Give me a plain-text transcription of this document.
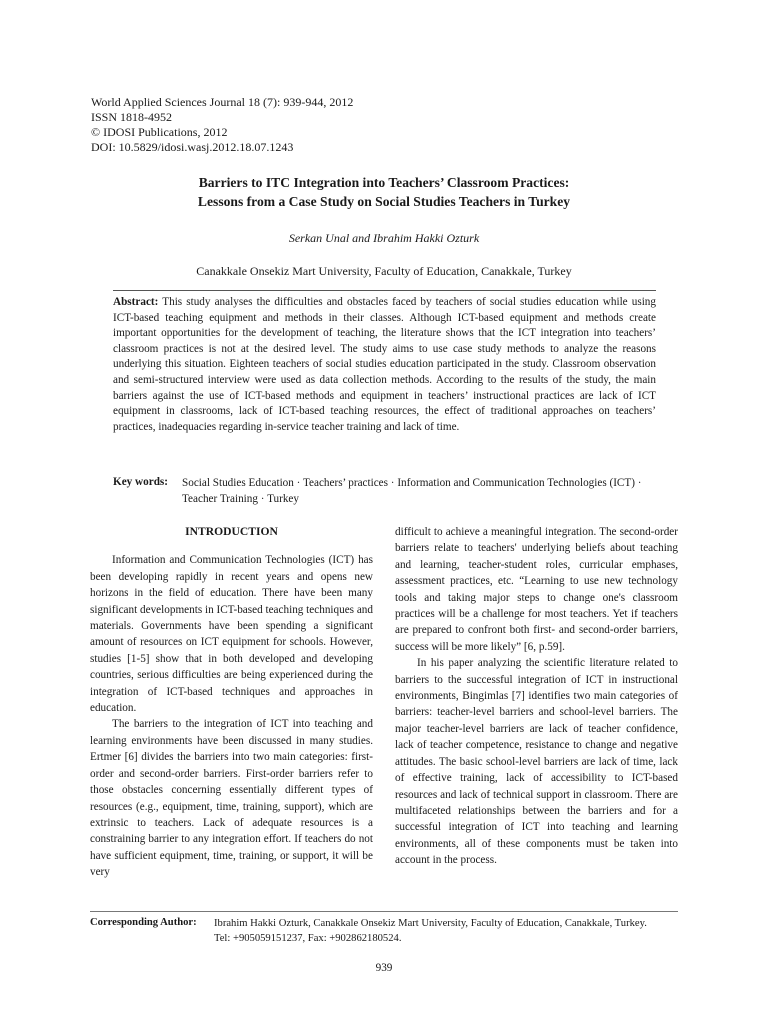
World Applied Sciences Journal 18 (7): 939-944, 2012
ISSN 1818-4952
© IDOSI Publications, 2012
DOI: 10.5829/idosi.wasj.2012.18.07.1243
Barriers to ITC Integration into Teachers’ Classroom Practices:
Lessons from a Case Study on Social Studies Teachers in Turkey
Serkan Unal and Ibrahim Hakki Ozturk
Canakkale Onsekiz Mart University, Faculty of Education, Canakkale, Turkey
Abstract: This study analyses the difficulties and obstacles faced by teachers of social studies education while using ICT-based teaching equipment and methods in their classes. Although ICT-based equipment and methods create important opportunities for the development of teaching, the literature shows that the ICT integration into teachers’ classroom practices is not at the desired level. The study aims to use case study methods to analyze the reasons underlying this situation. Eighteen teachers of social studies education participated in the study. Classroom observation and semi-structured interview were used as data collection methods. According to the results of the study, the main barriers against the use of ICT-based methods and equipment in teachers’ instructional practices are lack of ICT equipment in classrooms, lack of ICT-based teaching resources, the effect of traditional approaches on teachers’ practices, inadequacies regarding in-service teacher training and lack of time.
Key words: Social Studies Education · Teachers’ practices · Information and Communication Technologies (ICT) · Teacher Training · Turkey
INTRODUCTION

Information and Communication Technologies (ICT) has been developing rapidly in recent years and opens new horizons in the field of education. There have been many significant developments in ICT-based teaching techniques and materials. Governments have been spending a significant amount of resources on ICT equipment for schools. However, studies [1-5] show that in both developed and developing countries, serious difficulties are being experienced during the integration of ICT-based techniques and approaches in education.

The barriers to the integration of ICT into teaching and learning environments have been discussed in many studies. Ertmer [6] divides the barriers into two main categories: first-order and second-order barriers. First-order barriers refer to those obstacles concerning essentially different types of resources (e.g., equipment, time, training, support), which are extrinsic to teachers. Lack of adequate resources is a constraining barrier to any integration effort. If teachers do not have sufficient equipment, time, training, or support, it will be very

difficult to achieve a meaningful integration. The second-order barriers relate to teachers' underlying beliefs about teaching and learning, teacher-student roles, curricular emphases, assessment practices, etc. “Learning to use new technology tools and taking major steps to change one's classroom practices will be a challenge for most teachers. Yet if teachers are prepared to confront both first- and second-order barriers, success will be more likely” [6, p.59].

In his paper analyzing the scientific literature related to barriers to the successful integration of ICT in instructional environments, Bingimlas [7] identifies two main categories of barriers: teacher-level barriers and school-level barriers. The major teacher-level barriers are lack of teacher confidence, lack of teacher competence, resistance to change and negative attitudes. The basic school-level barriers are lack of time, lack of effective training, lack of accessibility to ICT-based resources and lack of technical support in classroom. There are multifaceted relationships between the barriers and for a successful integration of ICT into teaching and learning environments, all of these components must be taken into account in the process.

Corresponding Author: Ibrahim Hakki Ozturk, Canakkale Onsekiz Mart University, Faculty of Education, Canakkale, Turkey.
Tel: +905059151237, Fax: +902862180524.
939
